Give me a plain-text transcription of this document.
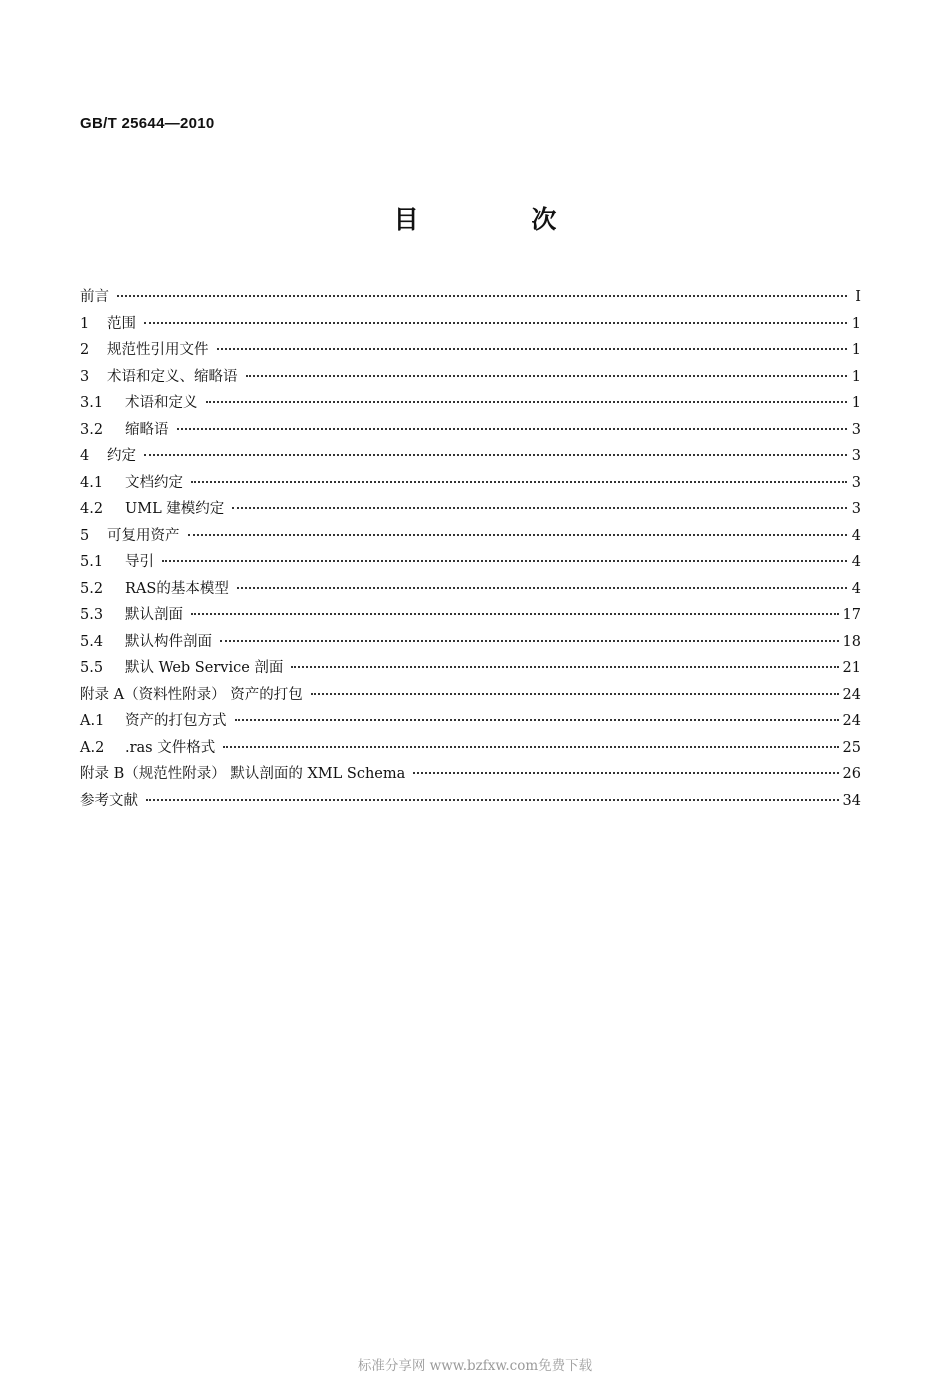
GB/T 25644—2010
目 次
前言	Ⅰ
1	范围	1
2	规范性引用文件	1
3	术语和定义、缩略语	1
3.1	术语和定义	1
3.2	缩略语	3
4	约定	3
4.1	文档约定	3
4.2	UML 建模约定	3
5	可复用资产	4
5.1	导引	4
5.2	RAS的基本模型	4
5.3	默认剖面	17
5.4	默认构件剖面	18
5.5	默认 Web Service 剖面	21
附录 A（资料性附录） 资产的打包	24
A.1	资产的打包方式	24
A.2	.ras 文件格式	25
附录 B（规范性附录） 默认剖面的 XML Schema	26
参考文献	34
标准分享网 www.bzfxw.com免费下载
